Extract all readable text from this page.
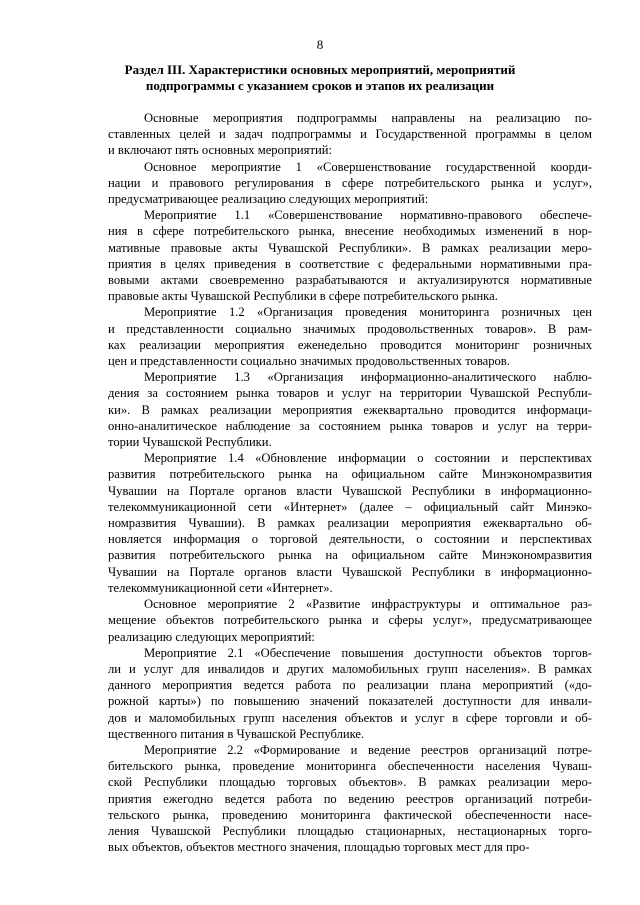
8
Раздел III. Характеристики основных мероприятий, мероприятий
подпрограммы с указанием сроков и этапов их реализации
Основные мероприятия подпрограммы направлены на реализацию по-
ставленных целей и задач подпрограммы и Государственной программы в целом
и включают пять основных мероприятий:
Основное мероприятие 1 «Совершенствование государственной коорди-
нации и правового регулирования в сфере потребительского рынка и услуг»,
предусматривающее реализацию следующих мероприятий:
Мероприятие 1.1 «Совершенствование нормативно-правового обеспече-
ния в сфере потребительского рынка, внесение необходимых изменений в нор-
мативные правовые акты Чувашской Республики». В рамках реализации меро-
приятия в целях приведения в соответствие с федеральными нормативными пра-
вовыми актами своевременно разрабатываются и актуализируются нормативные
правовые акты Чувашской Республики в сфере потребительского рынка.
Мероприятие 1.2 «Организация проведения мониторинга розничных цен
и представленности социально значимых продовольственных товаров». В рам-
ках реализации мероприятия еженедельно проводится мониторинг розничных
цен и представленности социально значимых продовольственных товаров.
Мероприятие 1.3 «Организация информационно-аналитического наблю-
дения за состоянием рынка товаров и услуг на территории Чувашской Республи-
ки». В рамках реализации мероприятия ежеквартально проводится информаци-
онно-аналитическое наблюдение за состоянием рынка товаров и услуг на терри-
тории Чувашской Республики.
Мероприятие 1.4 «Обновление информации о состоянии и перспективах
развития потребительского рынка на официальном сайте Минэкономразвития
Чувашии на Портале органов власти Чувашской Республики в информационно-
телекоммуникационной сети «Интернет» (далее – официальный сайт Минэко-
номразвития Чувашии). В рамках реализации мероприятия ежеквартально об-
новляется информация о торговой деятельности, о состоянии и перспективах
развития потребительского рынка на официальном сайте Минэкономразвития
Чувашии на Портале органов власти Чувашской Республики в информационно-
телекоммуникационной сети «Интернет».
Основное мероприятие 2 «Развитие инфраструктуры и оптимальное раз-
мещение объектов потребительского рынка и сферы услуг», предусматривающее
реализацию следующих мероприятий:
Мероприятие 2.1 «Обеспечение повышения доступности объектов торгов-
ли и услуг для инвалидов и других маломобильных групп населения». В рамках
данного мероприятия ведется работа по реализации плана мероприятий («до-
рожной карты») по повышению значений показателей доступности для инвали-
дов и маломобильных групп населения объектов и услуг в сфере торговли и об-
щественного питания в Чувашской Республике.
Мероприятие 2.2 «Формирование и ведение реестров организаций потре-
бительского рынка, проведение мониторинга обеспеченности населения Чуваш-
ской Республики площадью торговых объектов». В рамках реализации меро-
приятия ежегодно ведется работа по ведению реестров организаций потреби-
тельского рынка, проведению мониторинга фактической обеспеченности насе-
ления Чувашской Республики площадью стационарных, нестационарных торго-
вых объектов, объектов местного значения, площадью торговых мест для про-
